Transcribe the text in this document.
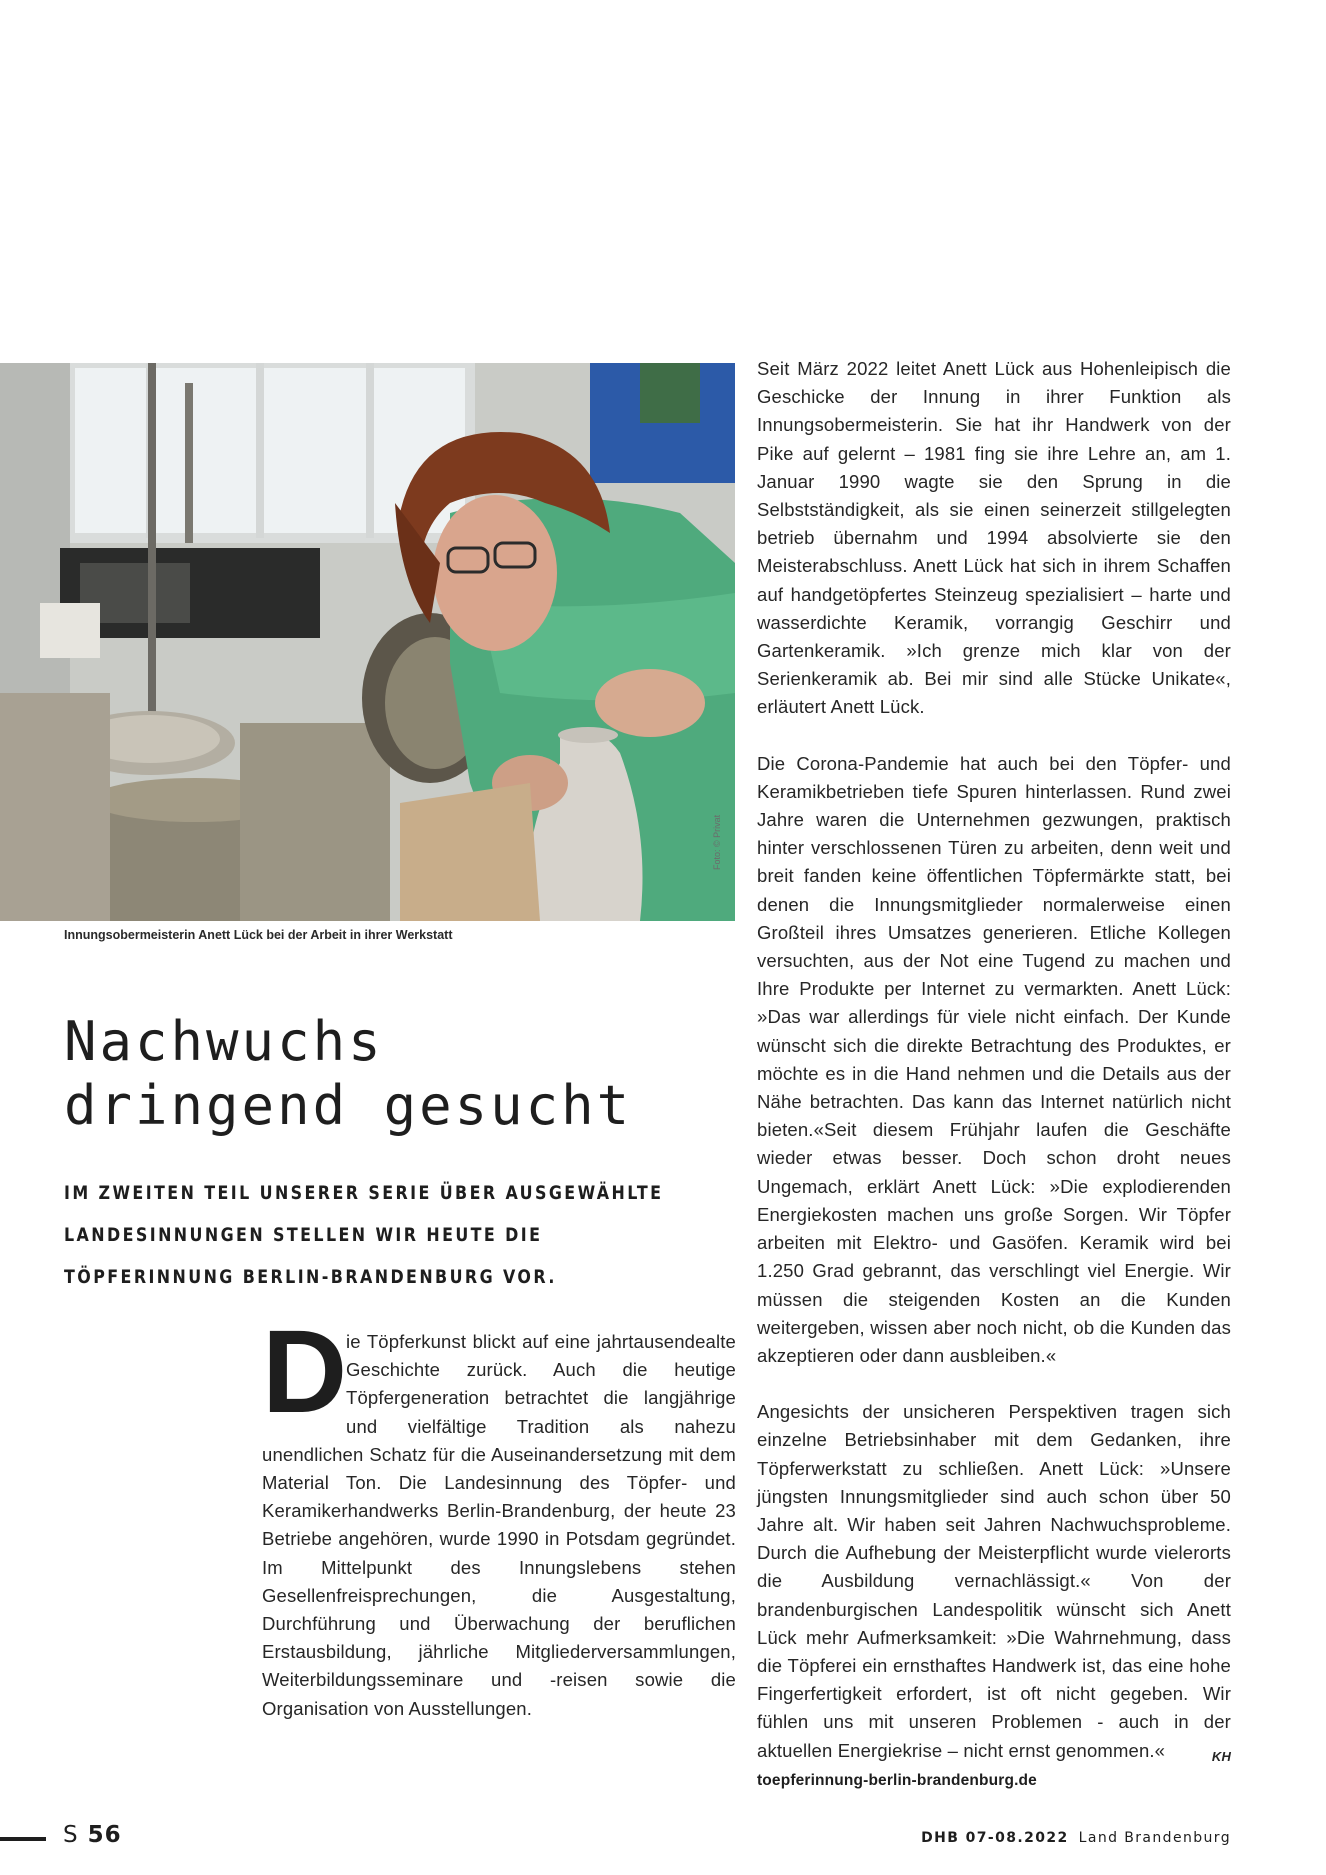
Foto: © Privat
Innungsobermeisterin Anett Lück bei der Arbeit in ihrer Werkstatt
Nachwuchs
dringend gesucht

IM ZWEITEN TEIL UNSERER SERIE ÜBER AUSGEWÄHLTE LANDESINNUNGEN STELLEN WIR HEUTE DIE TÖPFERINNUNG BERLIN-BRANDENBURG VOR.

D
ie Töpferkunst blickt auf eine jahrtausendealte Geschichte zurück. Auch die heutige Töpfergeneration betrachtet die langjährige und vielfältige Tradition als nahezu unendlichen Schatz für die Auseinandersetzung mit dem Material Ton. Die Landesinnung des Töpfer- und Keramikerhandwerks Berlin-Brandenburg, der heute 23 Betriebe angehören, wurde 1990 in Potsdam gegründet. Im Mittelpunkt des Innungslebens stehen Gesellenfreisprechungen, die Ausgestaltung, Durchführung und Überwachung der beruflichen Erstausbildung, jährliche Mitgliederversammlungen, Weiterbildungsseminare und -reisen sowie die Organisation von Ausstellungen.

Seit März 2022 leitet Anett Lück aus Hohenleipisch die Geschicke der Innung in ihrer Funktion als Innungsobermeisterin. Sie hat ihr Handwerk von der Pike auf gelernt – 1981 fing sie ihre Lehre an, am 1. Januar 1990 wagte sie den Sprung in die Selbstständigkeit, als sie einen seinerzeit stillgelegten betrieb übernahm und 1994 absolvierte sie den Meisterabschluss. Anett Lück hat sich in ihrem Schaffen auf handgetöpfertes Steinzeug spezialisiert – harte und wasserdichte Keramik, vorrangig Geschirr und Gartenkeramik. »Ich grenze mich klar von der Serienkeramik ab. Bei mir sind alle Stücke Unikate«, erläutert Anett Lück.

Die Corona-Pandemie hat auch bei den Töpfer- und Keramikbetrieben tiefe Spuren hinterlassen. Rund zwei Jahre waren die Unternehmen gezwungen, praktisch hinter verschlossenen Türen zu arbeiten, denn weit und breit fanden keine öffentlichen Töpfermärkte statt, bei denen die Innungsmitglieder normalerweise einen Großteil ihres Umsatzes generieren. Etliche Kollegen versuchten, aus der Not eine Tugend zu machen und Ihre Produkte per Internet zu vermarkten. Anett Lück: »Das war allerdings für viele nicht einfach. Der Kunde wünscht sich die direkte Betrachtung des Produktes, er möchte es in die Hand nehmen und die Details aus der Nähe betrachten. Das kann das Internet natürlich nicht bieten.«Seit diesem Frühjahr laufen die Geschäfte wieder etwas besser. Doch schon droht neues Ungemach, erklärt Anett Lück: »Die explodierenden Energiekosten machen uns große Sorgen. Wir Töpfer arbeiten mit Elektro- und Gasöfen. Keramik wird bei 1.250 Grad gebrannt, das verschlingt viel Energie. Wir müssen die steigenden Kosten an die Kunden weitergeben, wissen aber noch nicht, ob die Kunden das akzeptieren oder dann ausbleiben.«

Angesichts der unsicheren Perspektiven tragen sich einzelne Betriebsinhaber mit dem Gedanken, ihre Töpferwerkstatt zu schließen. Anett Lück: »Unsere jüngsten Innungsmitglieder sind auch schon über 50 Jahre alt. Wir haben seit Jahren Nachwuchsprobleme. Durch die Aufhebung der Meisterpflicht wurde vielerorts die Ausbildung vernachlässigt.« Von der brandenburgischen Landespolitik wünscht sich Anett Lück mehr Aufmerksamkeit: »Die Wahrnehmung, dass die Töpferei ein ernsthaftes Handwerk ist, das eine hohe Fingerfertigkeit erfordert, ist oft nicht gegeben. Wir fühlen uns mit unseren Problemen - auch in der aktuellen Energiekrise – nicht ernst genommen.«	KH

toepferinnung-berlin-brandenburg.de
S 56	DHB 07-08.2022 Land Brandenburg
